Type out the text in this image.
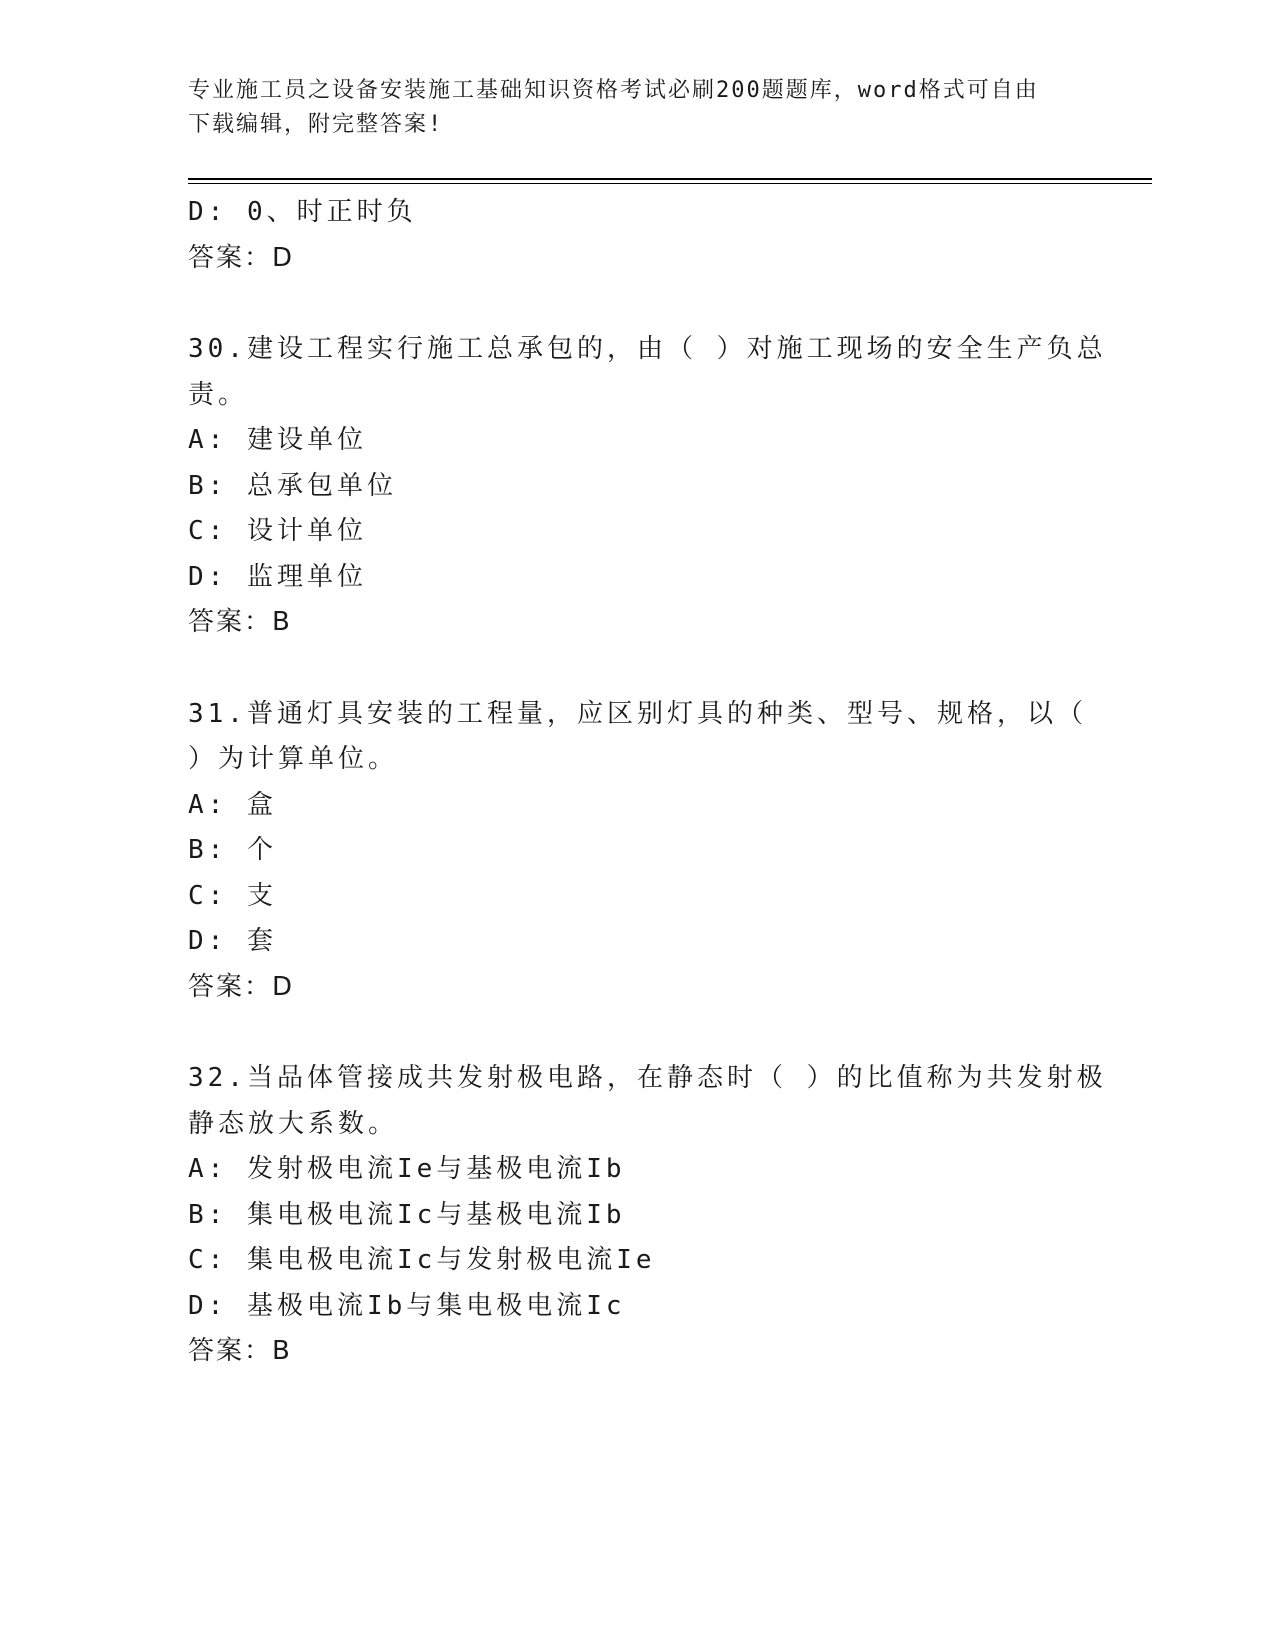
专业施工员之设备安装施工基础知识资格考试必刷200题题库，word格式可自由
下载编辑，附完整答案!
D: 0、时正时负
答案：D
30.建设工程实行施工总承包的，由（ ）对施工现场的安全生产负总
责。
A: 建设单位
B: 总承包单位
C: 设计单位
D: 监理单位
答案：B
31.普通灯具安装的工程量，应区别灯具的种类、型号、规格，以（
）为计算单位。
A: 盒
B: 个
C: 支
D: 套
答案：D
32.当品体管接成共发射极电路，在静态时（ ）的比值称为共发射极
静态放大系数。
A: 发射极电流Ie与基极电流Ib
B: 集电极电流Ic与基极电流Ib
C: 集电极电流Ic与发射极电流Ie
D: 基极电流Ib与集电极电流Ic
答案：B
